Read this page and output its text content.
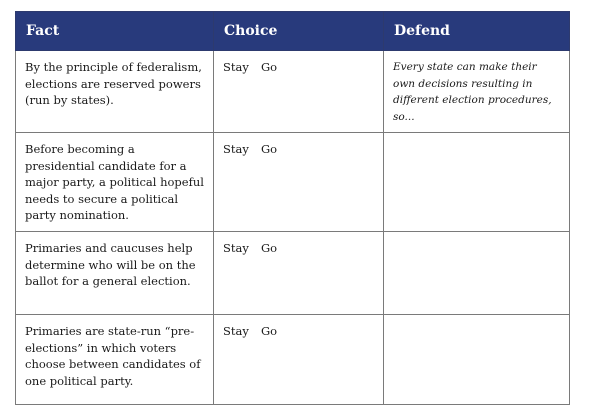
Fact	Choice	Defend
By the principle of federalism, elections are reserved powers (run by states).	Stay Go	Every state can make their own decisions resulting in different election procedures, so...
Before becoming a presidential candidate for a major party, a political hopeful needs to secure a political party nomination.	Stay Go	
Primaries and caucuses help determine who will be on the ballot for a general election.	Stay Go	
Primaries are state-run “pre-elections” in which voters choose between candidates of one political party.	Stay Go	
